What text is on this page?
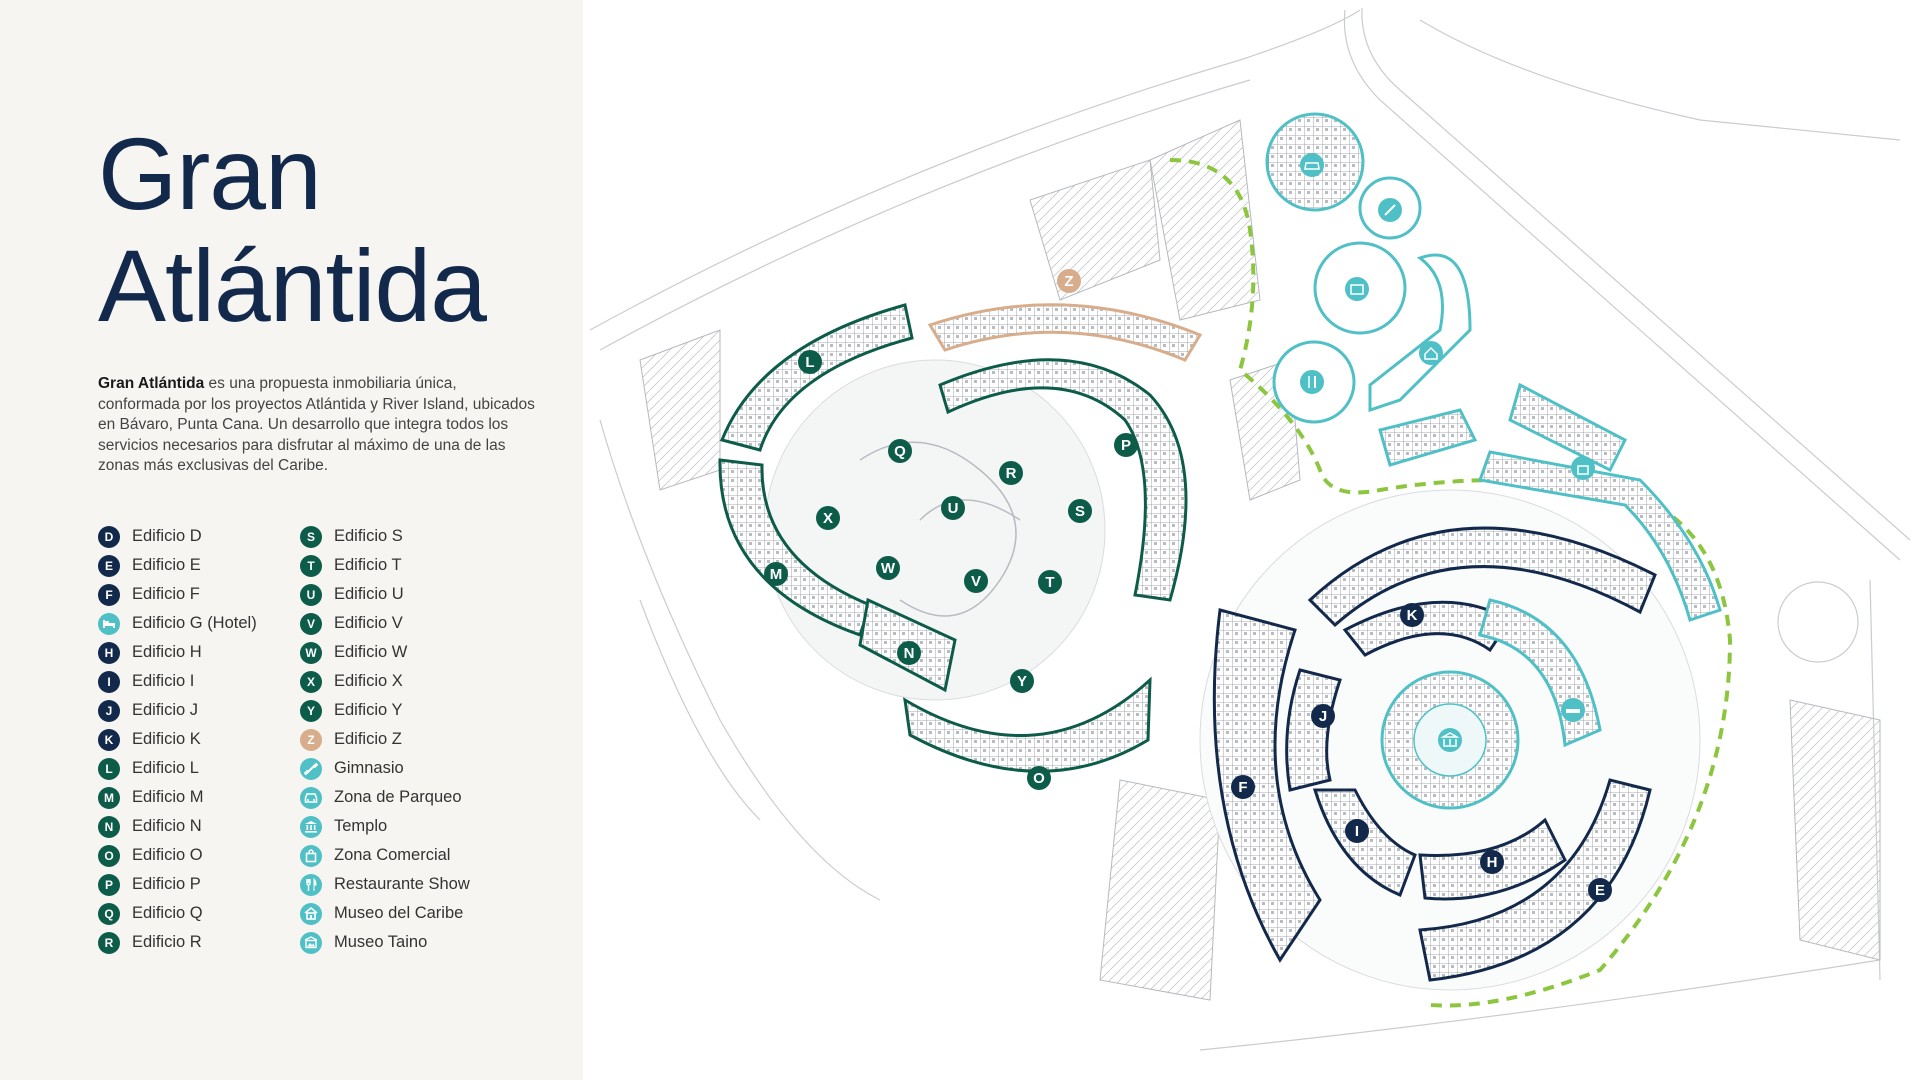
Gran
Atlántida

Gran Atlántida es una propuesta inmobiliaria única, conformada por los proyectos Atlántida y River Island, ubicados en Bávaro, Punta Cana. Un desarrollo que integra todos los servicios necesarios para disfrutar al máximo de una de las zonas más exclusivas del Caribe.

D	Edificio D
E	Edificio E
F	Edificio F
Edificio G (Hotel)
H	Edificio H
I	Edificio I
J	Edificio J
K	Edificio K
L	Edificio L
M	Edificio M
N	Edificio N
O	Edificio O
P	Edificio P
Q	Edificio Q
R	Edificio R
S	Edificio S
T	Edificio T
U	Edificio U
V	Edificio V
W	Edificio W
X	Edificio X
Y	Edificio Y
Z	Edificio Z
Gimnasio
Zona de Parqueo
Templo
Zona Comercial
Restaurante Show
Museo del Caribe
Museo Taino
L
M
N
O
P
Q
R
S
T
U
V
W
X
Y
Z
K
J
F
I
H
E
